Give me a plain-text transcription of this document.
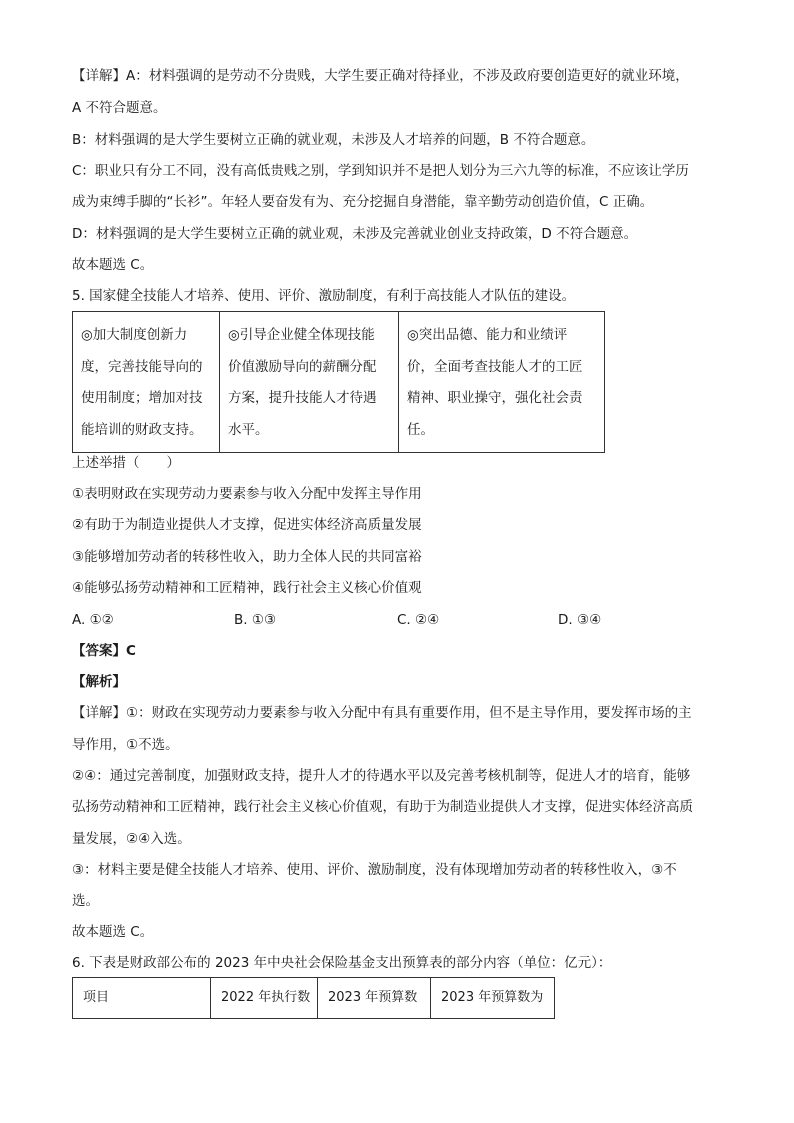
【详解】A：材料强调的是劳动不分贵贱，大学生要正确对待择业，不涉及政府要创造更好的就业环境，
A 不符合题意。
B：材料强调的是大学生要树立正确的就业观，未涉及人才培养的问题，B 不符合题意。
C：职业只有分工不同，没有高低贵贱之别，学到知识并不是把人划分为三六九等的标准，不应该让学历
成为束缚手脚的“长衫”。年轻人要奋发有为、充分挖掘自身潜能，靠辛勤劳动创造价值，C 正确。
D：材料强调的是大学生要树立正确的就业观，未涉及完善就业创业支持政策，D 不符合题意。
故本题选 C。
5. 国家健全技能人才培养、使用、评价、激励制度，有利于高技能人才队伍的建设。
◎加大制度创新力
度，完善技能导向的
使用制度；增加对技
能培训的财政支持。

◎引导企业健全体现技能
价值激励导向的薪酬分配
方案，提升技能人才待遇
水平。

◎突出品德、能力和业绩评
价，全面考查技能人才的工匠
精神、职业操守，强化社会责
任。
上述举措（　　）
①表明财政在实现劳动力要素参与收入分配中发挥主导作用
②有助于为制造业提供人才支撑，促进实体经济高质量发展
③能够增加劳动者的转移性收入，助力全体人民的共同富裕
④能够弘扬劳动精神和工匠精神，践行社会主义核心价值观
A. ①②	B. ①③	C. ②④	D. ③④
【答案】C
【解析】
【详解】①：财政在实现劳动力要素参与收入分配中有具有重要作用，但不是主导作用，要发挥市场的主
导作用，①不选。
②④：通过完善制度，加强财政支持，提升人才的待遇水平以及完善考核机制等，促进人才的培育，能够
弘扬劳动精神和工匠精神，践行社会主义核心价值观，有助于为制造业提供人才支撑，促进实体经济高质
量发展，②④入选。
③：材料主要是健全技能人才培养、使用、评价、激励制度，没有体现增加劳动者的转移性收入，③不
选。
故本题选 C。
6. 下表是财政部公布的 2023 年中央社会保险基金支出预算表的部分内容（单位：亿元）：
项目	2022 年执行数	2023 年预算数	2023 年预算数为
